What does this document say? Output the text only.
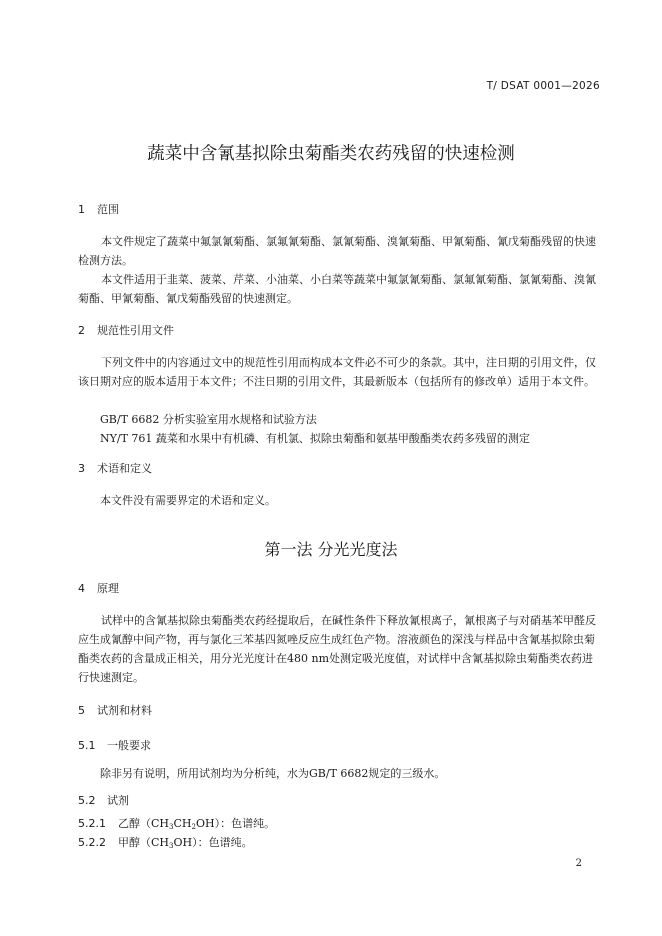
T/ DSAT 0001—2026
蔬菜中含氰基拟除虫菊酯类农药残留的快速检测
1 范围
本文件规定了蔬菜中氟氯氰菊酯、氯氟氰菊酯、氯氰菊酯、溴氰菊酯、甲氰菊酯、氰戊菊酯残留的快速检测方法。
本文件适用于韭菜、菠菜、芹菜、小油菜、小白菜等蔬菜中氟氯氰菊酯、氯氟氰菊酯、氯氰菊酯、溴氰菊酯、甲氰菊酯、氰戊菊酯残留的快速测定。
2 规范性引用文件
下列文件中的内容通过文中的规范性引用而构成本文件必不可少的条款。其中，注日期的引用文件，仅该日期对应的版本适用于本文件；不注日期的引用文件，其最新版本（包括所有的修改单）适用于本文件。
GB/T 6682 分析实验室用水规格和试验方法
NY/T 761 蔬菜和水果中有机磷、有机氯、拟除虫菊酯和氨基甲酸酯类农药多残留的测定
3 术语和定义
本文件没有需要界定的术语和定义。
第一法 分光光度法
4 原理
试样中的含氰基拟除虫菊酯类农药经提取后，在碱性条件下释放氰根离子，氰根离子与对硝基苯甲醛反应生成氰醇中间产物，再与氯化三苯基四氮唑反应生成红色产物。溶液颜色的深浅与样品中含氰基拟除虫菊酯类农药的含量成正相关，用分光光度计在480 nm处测定吸光度值，对试样中含氰基拟除虫菊酯类农药进行快速测定。
5 试剂和材料
5.1 一般要求
除非另有说明，所用试剂均为分析纯，水为GB/T 6682规定的三级水。
5.2 试剂
5.2.1 乙醇$(CH_3CH_2OH)$：色谱纯。
5.2.2 甲醇$(CH_3OH)$：色谱纯。
2
